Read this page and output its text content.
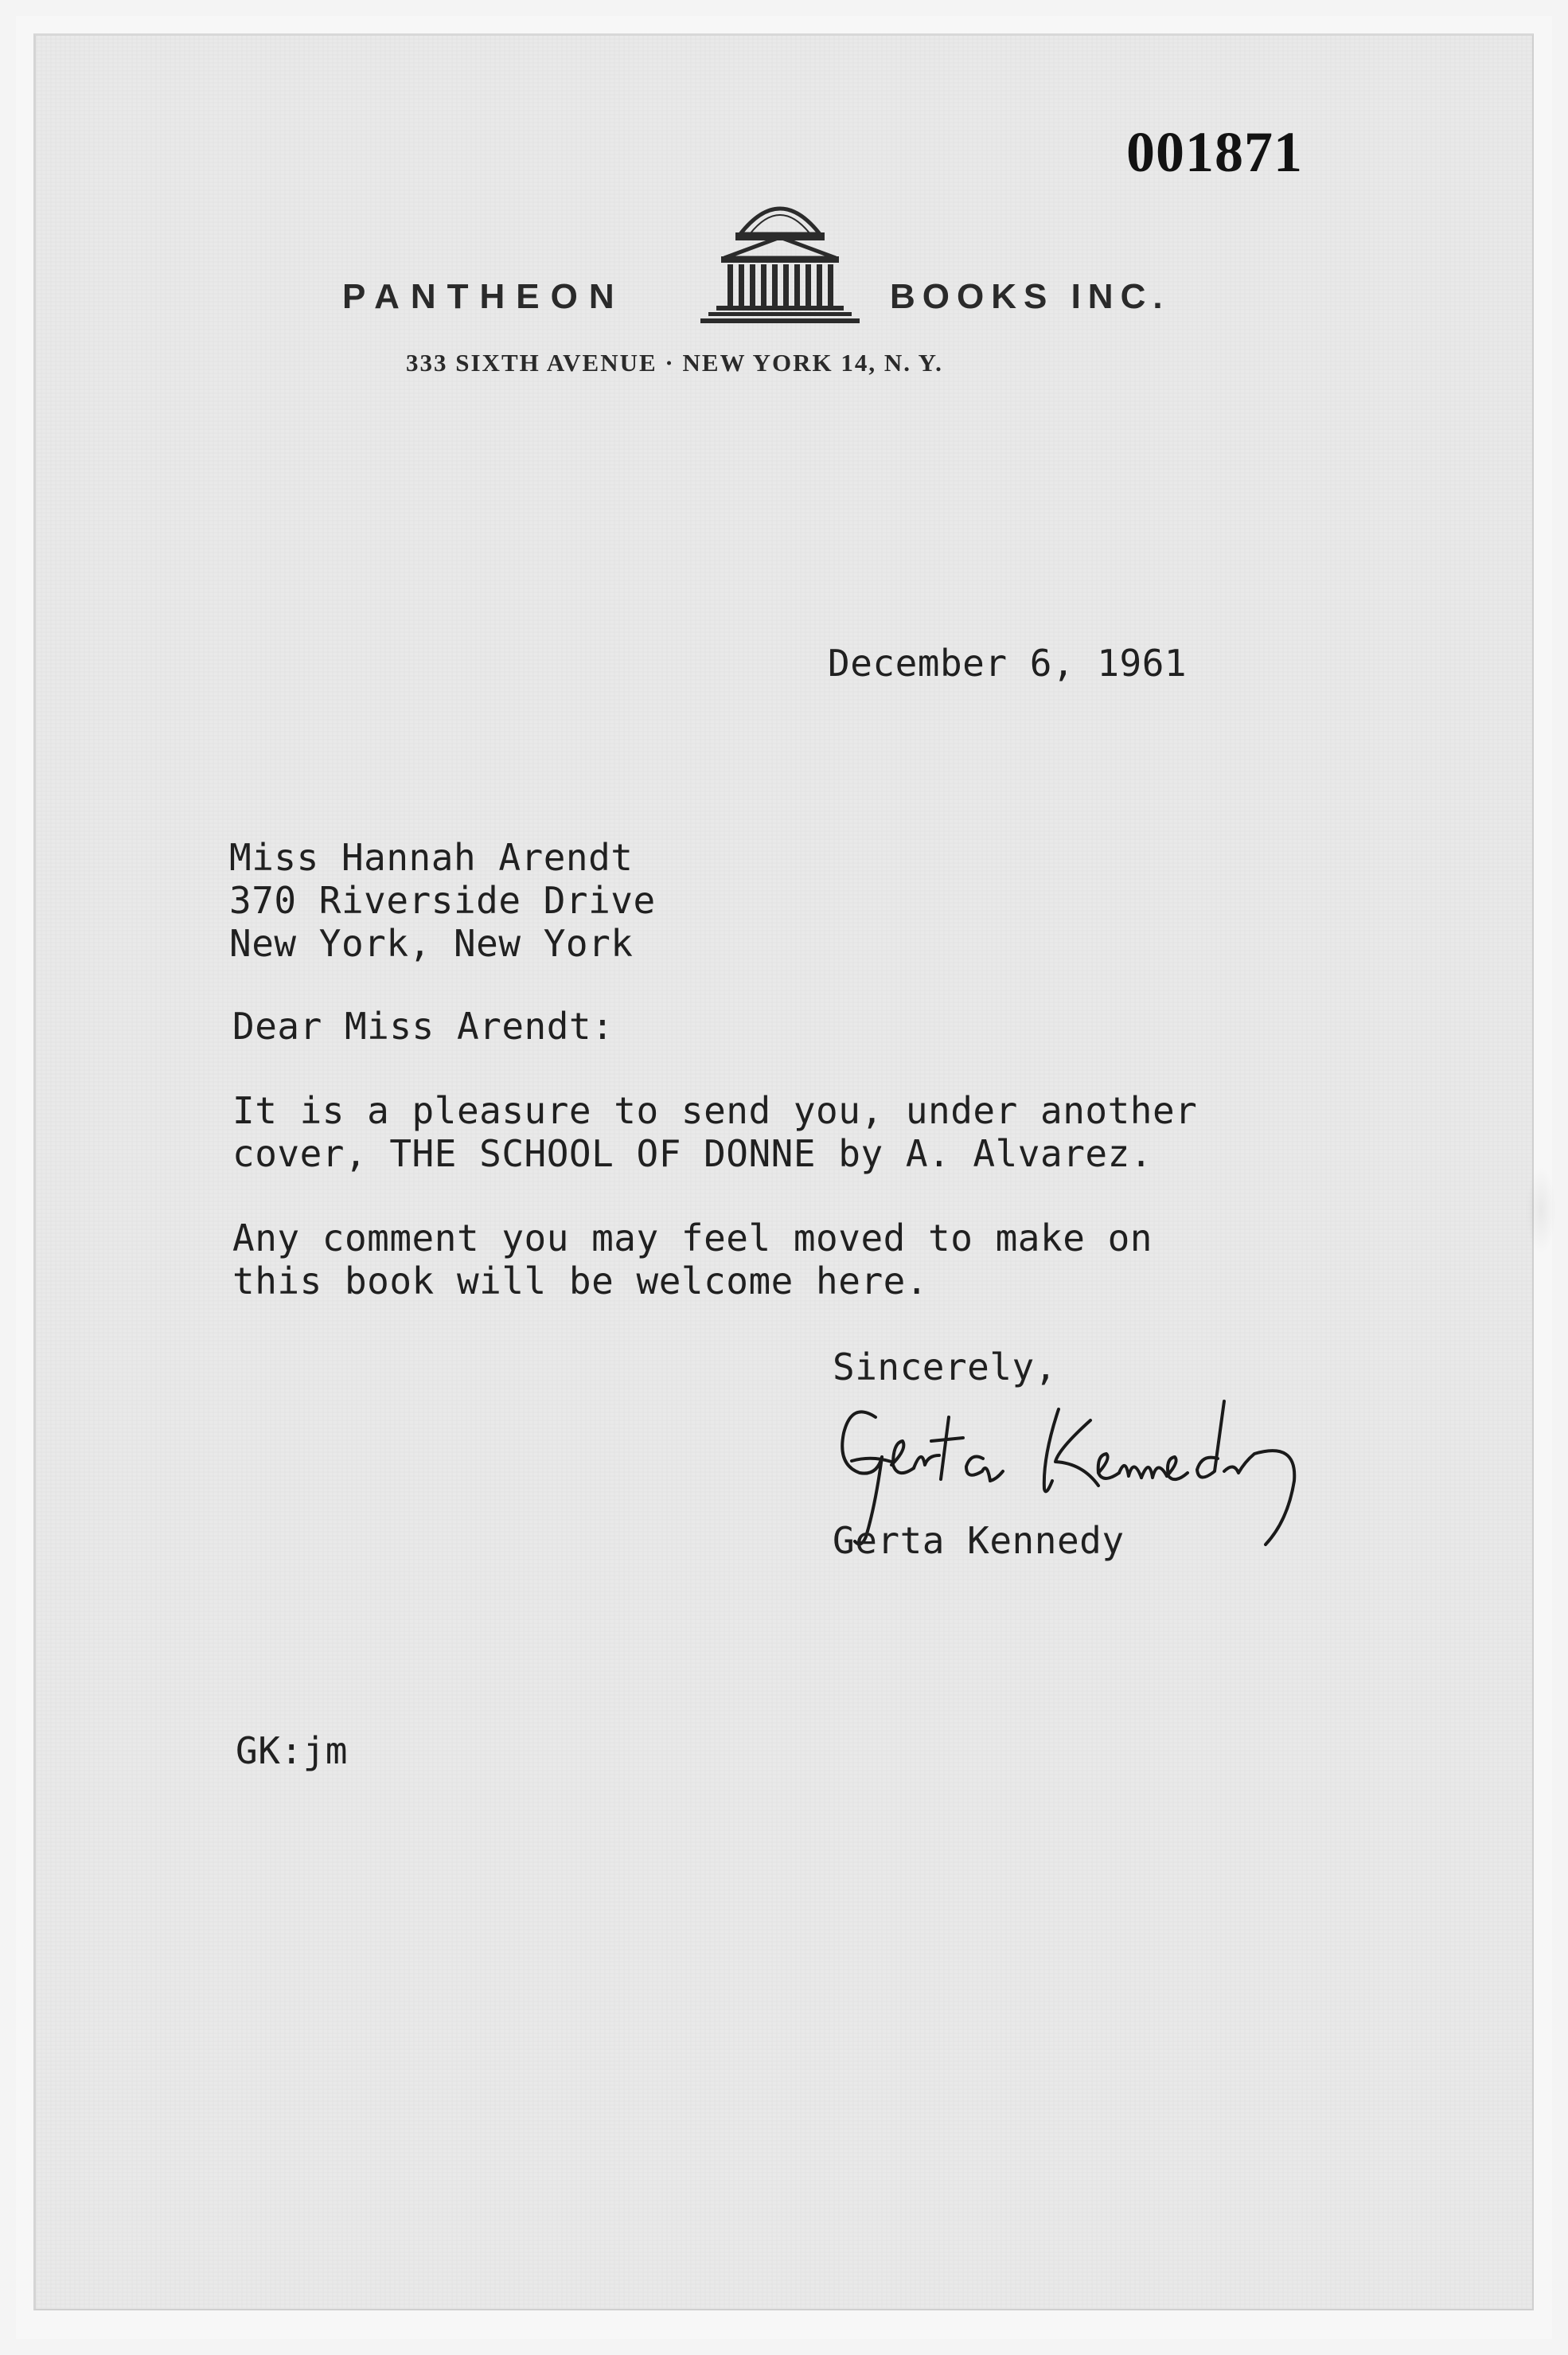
001871
PANTHEON	BOOKS INC.
333 SIXTH AVENUE · NEW YORK 14, N. Y.
December 6, 1961
Miss Hannah Arendt
370 Riverside Drive
New York, New York
Dear Miss Arendt:
It is a pleasure to send you, under another
cover, THE SCHOOL OF DONNE by A. Alvarez.
Any comment you may feel moved to make on
this book will be welcome here.
Sincerely,
Gerta Kennedy
GK:jm
